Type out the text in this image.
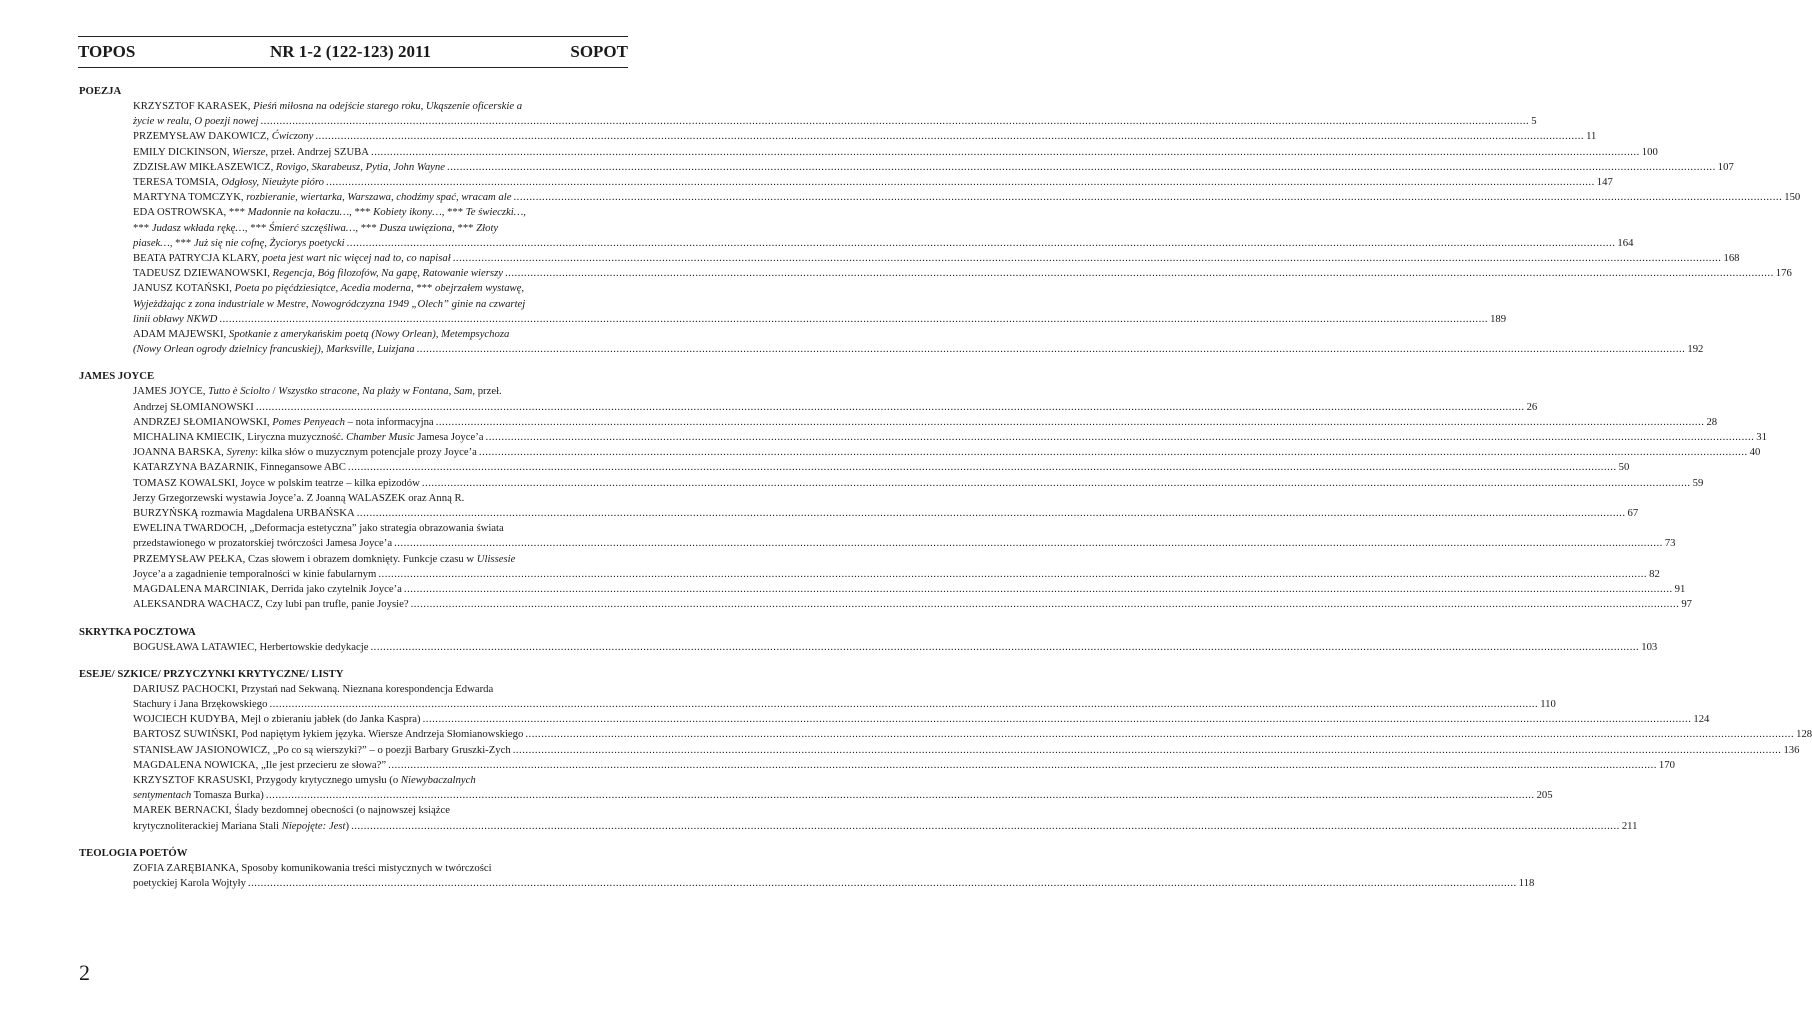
TOPOS	NR 1-2 (122-123) 2011	SOPOT
POEZJA
KRZYSZTOF KARASEK, Pieśń miłosna na odejście starego roku, Ukąszenie oficerskie a
życie w realu, O poezji nowej ................................................................................................................................................................................................................................................................................................................................................................................................................ 5
PRZEMYSŁAW DAKOWICZ, Ćwiczony ................................................................................................................................................................................................................................................................................................................................................................................................................ 11
EMILY DICKINSON, Wiersze, przeł. Andrzej SZUBA ................................................................................................................................................................................................................................................................................................................................................................................................................ 100
ZDZISŁAW MIKŁASZEWICZ, Rovigo, Skarabeusz, Pytia, John Wayne ................................................................................................................................................................................................................................................................................................................................................................................................................ 107
TERESA TOMSIA, Odgłosy, Nieużyte pióro ................................................................................................................................................................................................................................................................................................................................................................................................................ 147
MARTYNA TOMCZYK, rozbieranie, wiertarka, Warszawa, chodźmy spać, wracam ale ................................................................................................................................................................................................................................................................................................................................................................................................................ 150
EDA OSTROWSKA, *** Madonnie na kołaczu…, *** Kobiety ikony…, *** Te świeczki…,
*** Judasz wkłada rękę…, *** Śmierć szczęśliwa…, *** Dusza uwięziona, *** Złoty
piasek…, *** Już się nie cofnę, Życiorys poetycki ................................................................................................................................................................................................................................................................................................................................................................................................................ 164
BEATA PATRYCJA KLARY, poeta jest wart nic więcej nad to, co napisał ................................................................................................................................................................................................................................................................................................................................................................................................................ 168
TADEUSZ DZIEWANOWSKI, Regencja, Bóg filozofów, Na gapę, Ratowanie wierszy ................................................................................................................................................................................................................................................................................................................................................................................................................ 176
JANUSZ KOTAŃSKI, Poeta po pięćdziesiątce, Acedia moderna, *** obejrzałem wystawę,
Wyjeżdżając z zona industriale w Mestre, Nowogródczyzna 1949 „Olech” ginie na czwartej
linii obławy NKWD ................................................................................................................................................................................................................................................................................................................................................................................................................ 189
ADAM MAJEWSKI, Spotkanie z amerykańskim poetą (Nowy Orlean), Metempsychoza
(Nowy Orlean ogrody dzielnicy francuskiej), Marksville, Luizjana ................................................................................................................................................................................................................................................................................................................................................................................................................ 192
JAMES JOYCE
JAMES JOYCE, Tutto è Sciolto / Wszystko stracone, Na plaży w Fontana, Sam, przeł.
Andrzej SŁOMIANOWSKI ................................................................................................................................................................................................................................................................................................................................................................................................................ 26
ANDRZEJ SŁOMIANOWSKI, Pomes Penyeach – nota informacyjna ................................................................................................................................................................................................................................................................................................................................................................................................................ 28
MICHALINA KMIECIK, Liryczna muzyczność. Chamber Music Jamesa Joyce’a ................................................................................................................................................................................................................................................................................................................................................................................................................ 31
JOANNA BARSKA, Syreny: kilka słów o muzycznym potencjale prozy Joyce’a ................................................................................................................................................................................................................................................................................................................................................................................................................ 40
KATARZYNA BAZARNIK, Finnegansowe ABC ................................................................................................................................................................................................................................................................................................................................................................................................................ 50
TOMASZ KOWALSKI, Joyce w polskim teatrze – kilka epizodów ................................................................................................................................................................................................................................................................................................................................................................................................................ 59
Jerzy Grzegorzewski wystawia Joyce’a. Z Joanną WALASZEK oraz Anną R.
BURZYŃSKĄ rozmawia Magdalena URBAŃSKA ................................................................................................................................................................................................................................................................................................................................................................................................................ 67
EWELINA TWARDOCH, „Deformacja estetyczna” jako strategia obrazowania świata
przedstawionego w prozatorskiej twórczości Jamesa Joyce’a ................................................................................................................................................................................................................................................................................................................................................................................................................ 73
PRZEMYSŁAW PEŁKA, Czas słowem i obrazem domknięty. Funkcje czasu w Ulissesie
Joyce’a a zagadnienie temporalności w kinie fabularnym ................................................................................................................................................................................................................................................................................................................................................................................................................ 82
MAGDALENA MARCINIAK, Derrida jako czytelnik Joyce’a ................................................................................................................................................................................................................................................................................................................................................................................................................ 91
ALEKSANDRA WACHACZ, Czy lubi pan trufle, panie Joysie? ................................................................................................................................................................................................................................................................................................................................................................................................................ 97
SKRYTKA POCZTOWA
BOGUSŁAWA LATAWIEC, Herbertowskie dedykacje ................................................................................................................................................................................................................................................................................................................................................................................................................ 103
ESEJE/ SZKICE/ PRZYCZYNKI KRYTYCZNE/ LISTY
DARIUSZ PACHOCKI, Przystań nad Sekwaną. Nieznana korespondencja Edwarda
Stachury i Jana Brzękowskiego ................................................................................................................................................................................................................................................................................................................................................................................................................ 110
WOJCIECH KUDYBA, Mejl o zbieraniu jabłek (do Janka Kaspra) ................................................................................................................................................................................................................................................................................................................................................................................................................ 124
BARTOSZ SUWIŃSKI, Pod napiętym łykiem języka. Wiersze Andrzeja Słomianowskiego ................................................................................................................................................................................................................................................................................................................................................................................................................ 128
STANISŁAW JASIONOWICZ, „Po co są wierszyki?” – o poezji Barbary Gruszki-Zych ................................................................................................................................................................................................................................................................................................................................................................................................................ 136
MAGDALENA NOWICKA, „Ile jest przecieru ze słowa?” ................................................................................................................................................................................................................................................................................................................................................................................................................ 170
KRZYSZTOF KRASUSKI, Przygody krytycznego umysłu (o Niewybaczalnych
sentymentach Tomasza Burka) ................................................................................................................................................................................................................................................................................................................................................................................................................ 205
MAREK BERNACKI, Ślady bezdomnej obecności (o najnowszej książce
krytycznoliterackiej Mariana Stali Niepojęte: Jest) ................................................................................................................................................................................................................................................................................................................................................................................................................ 211
TEOLOGIA POETÓW
ZOFIA ZARĘBIANKA, Sposoby komunikowania treści mistycznych w twórczości
poetyckiej Karola Wojtyły ................................................................................................................................................................................................................................................................................................................................................................................................................ 118
2
